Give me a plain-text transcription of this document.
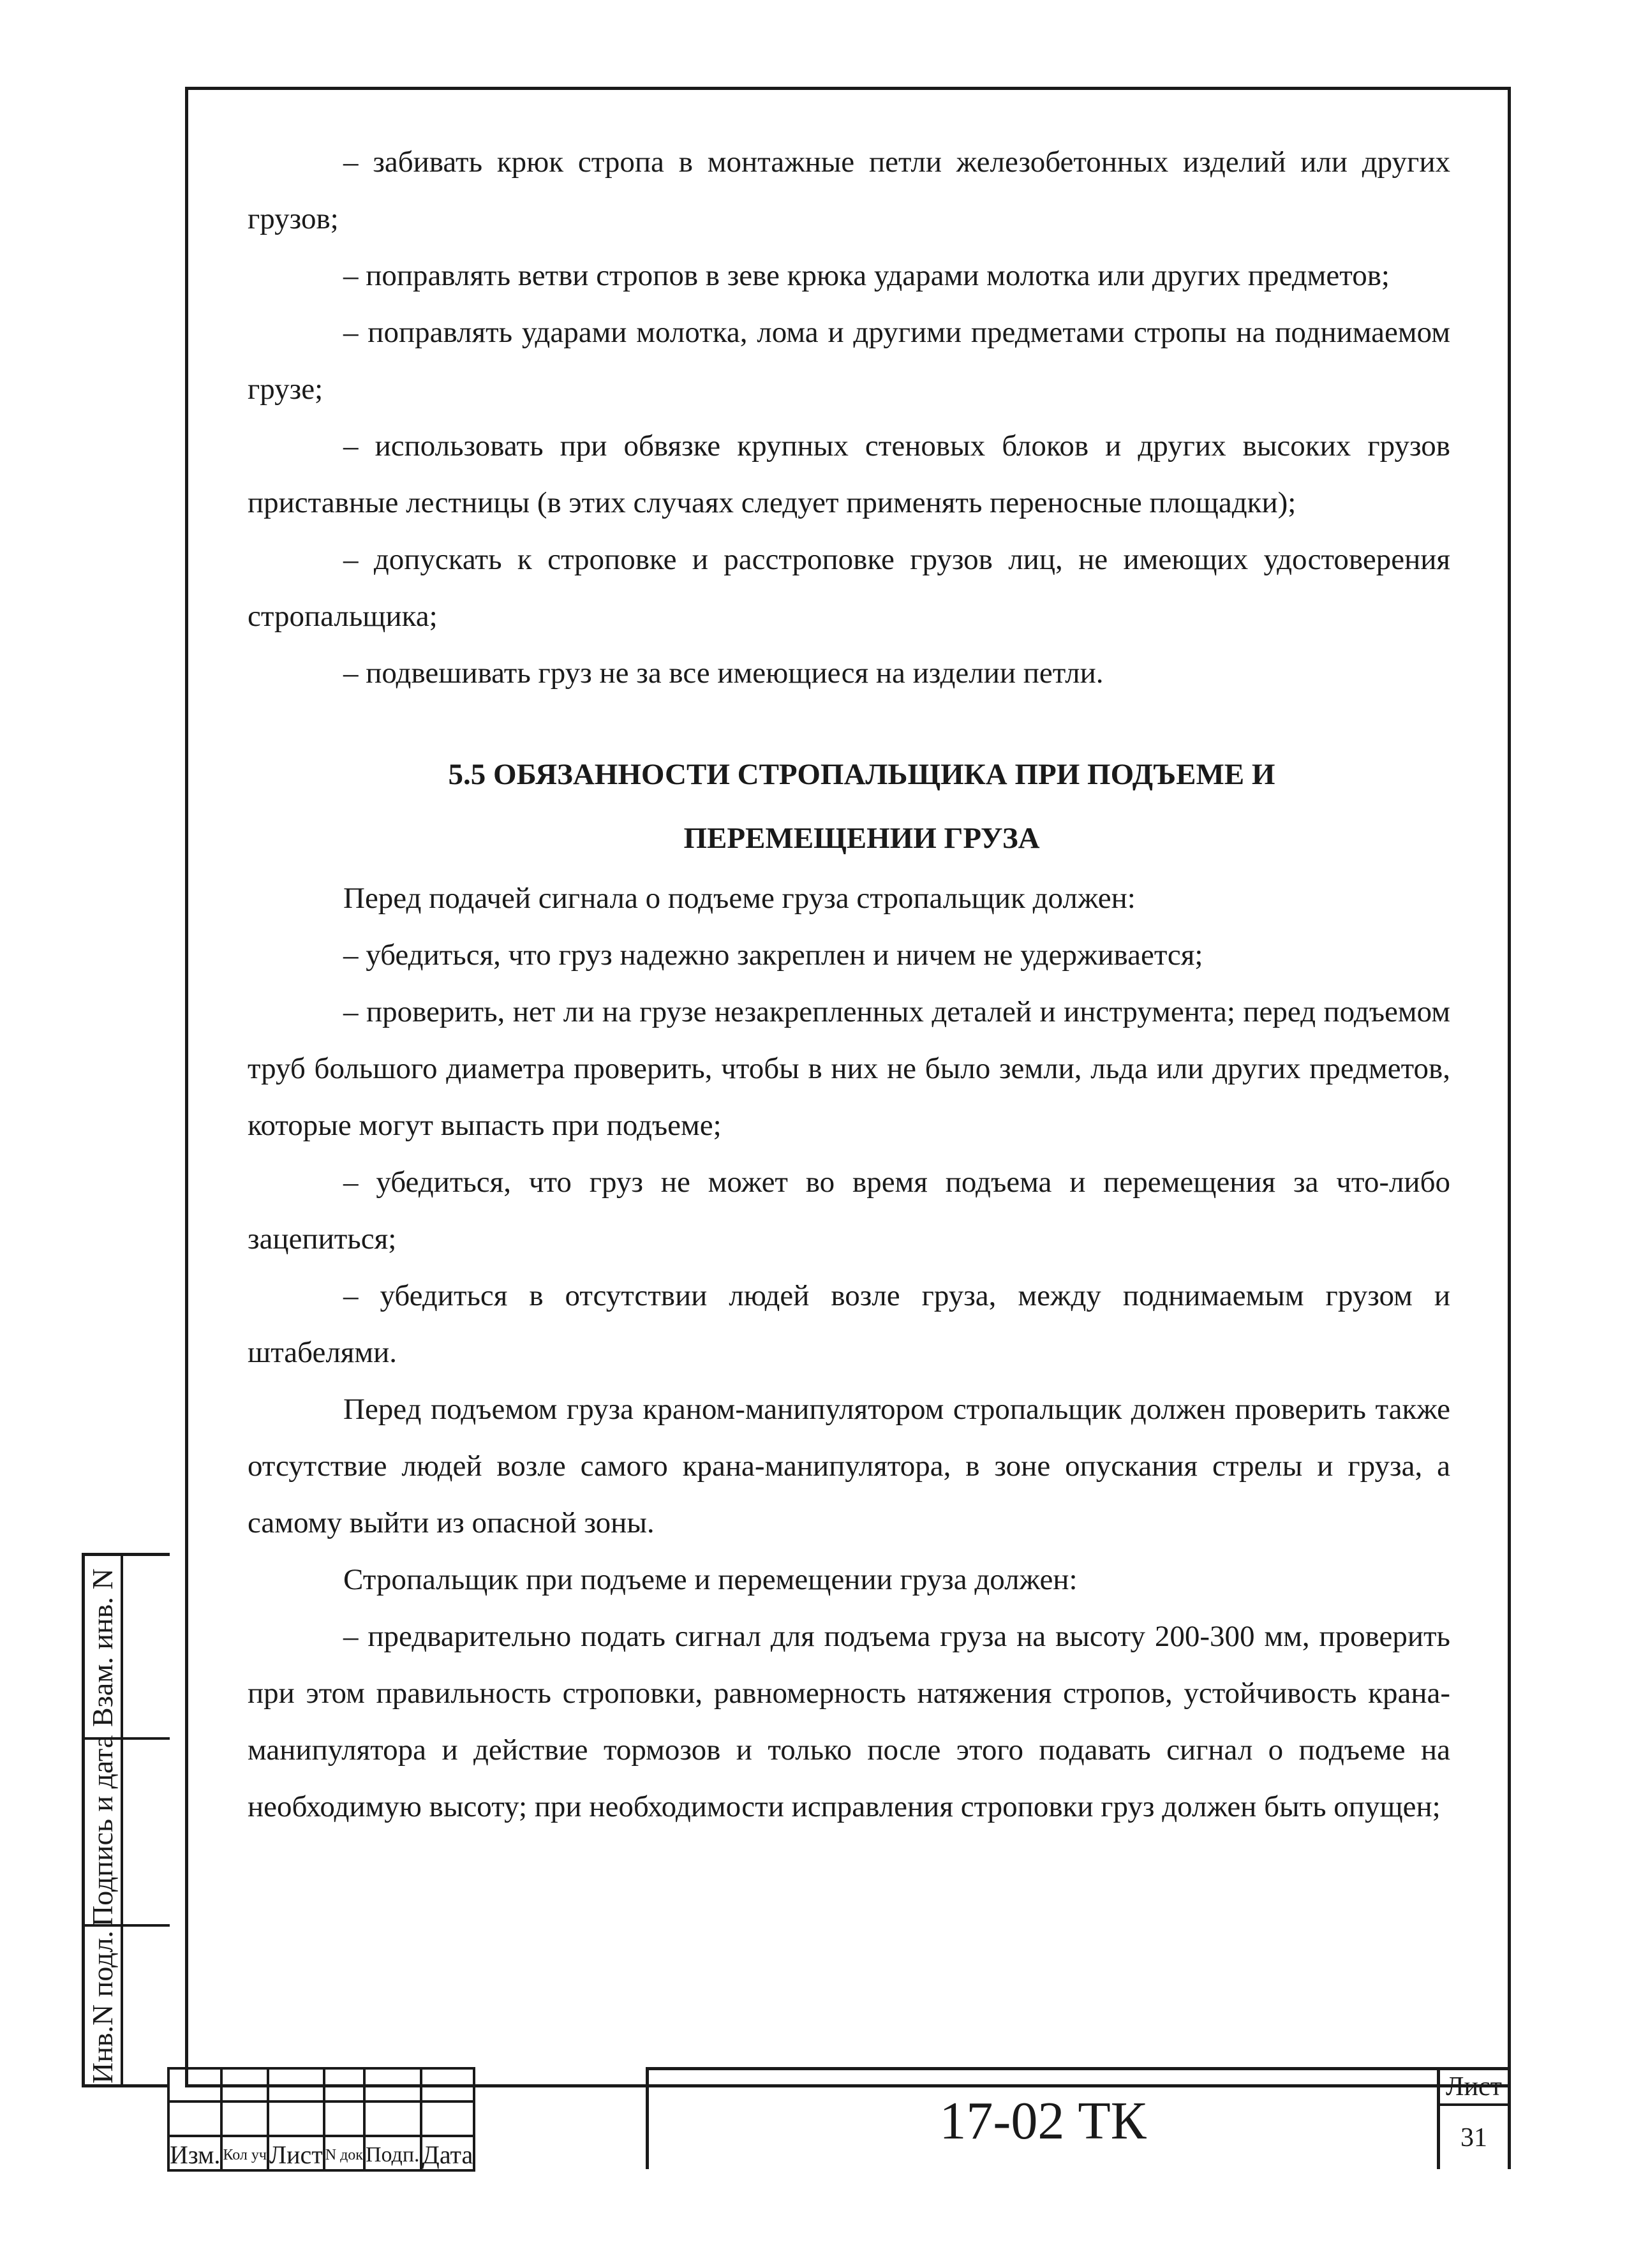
– забивать крюк стропа в монтажные петли железобетонных изделий или других грузов;

– поправлять ветви стропов в зеве крюка ударами молотка или других предметов;

– поправлять ударами молотка, лома и другими предметами стропы на поднимаемом грузе;

– использовать при обвязке крупных стеновых блоков и других высоких грузов приставные лестницы (в этих случаях следует применять переносные площадки);

– допускать к строповке и расстроповке грузов лиц, не имеющих удостоверения стропальщика;

– подвешивать груз не за все имеющиеся на изделии петли.

5.5 ОБЯЗАННОСТИ СТРОПАЛЬЩИКА ПРИ ПОДЪЕМЕ И
ПЕРЕМЕЩЕНИИ ГРУЗА

Перед подачей сигнала о подъеме груза стропальщик должен:

– убедиться, что груз надежно закреплен и ничем не удерживается;

– проверить, нет ли на грузе незакрепленных деталей и инструмента; перед подъемом труб большого диаметра проверить, чтобы в них не было земли, льда или других предметов, которые могут выпасть при подъеме;

– убедиться, что груз не может во время подъема и перемещения за что-либо зацепиться;

– убедиться в отсутствии людей возле груза, между поднимаемым грузом и штабелями.

Перед подъемом груза краном-манипулятором стропальщик должен проверить также отсутствие людей возле самого крана-манипулятора, в зоне опускания стрелы и груза, а самому выйти из опасной зоны.

Стропальщик при подъеме и перемещении груза должен:

– предварительно подать сигнал для подъема груза на высоту 200-300 мм, проверить при этом правильность строповки, равномерность натяжения стропов, устойчивость крана-манипулятора и действие тормозов и только после этого подавать сигнал о подъеме на необходимую высоту; при необходимости исправления строповки груз должен быть опущен;

Взам. инв. N
Подпись и дата
Инв.N подл.

Изм.	Кол уч	Лист	N док	Подп.	Дата
17-02 ТК
Лист
31
